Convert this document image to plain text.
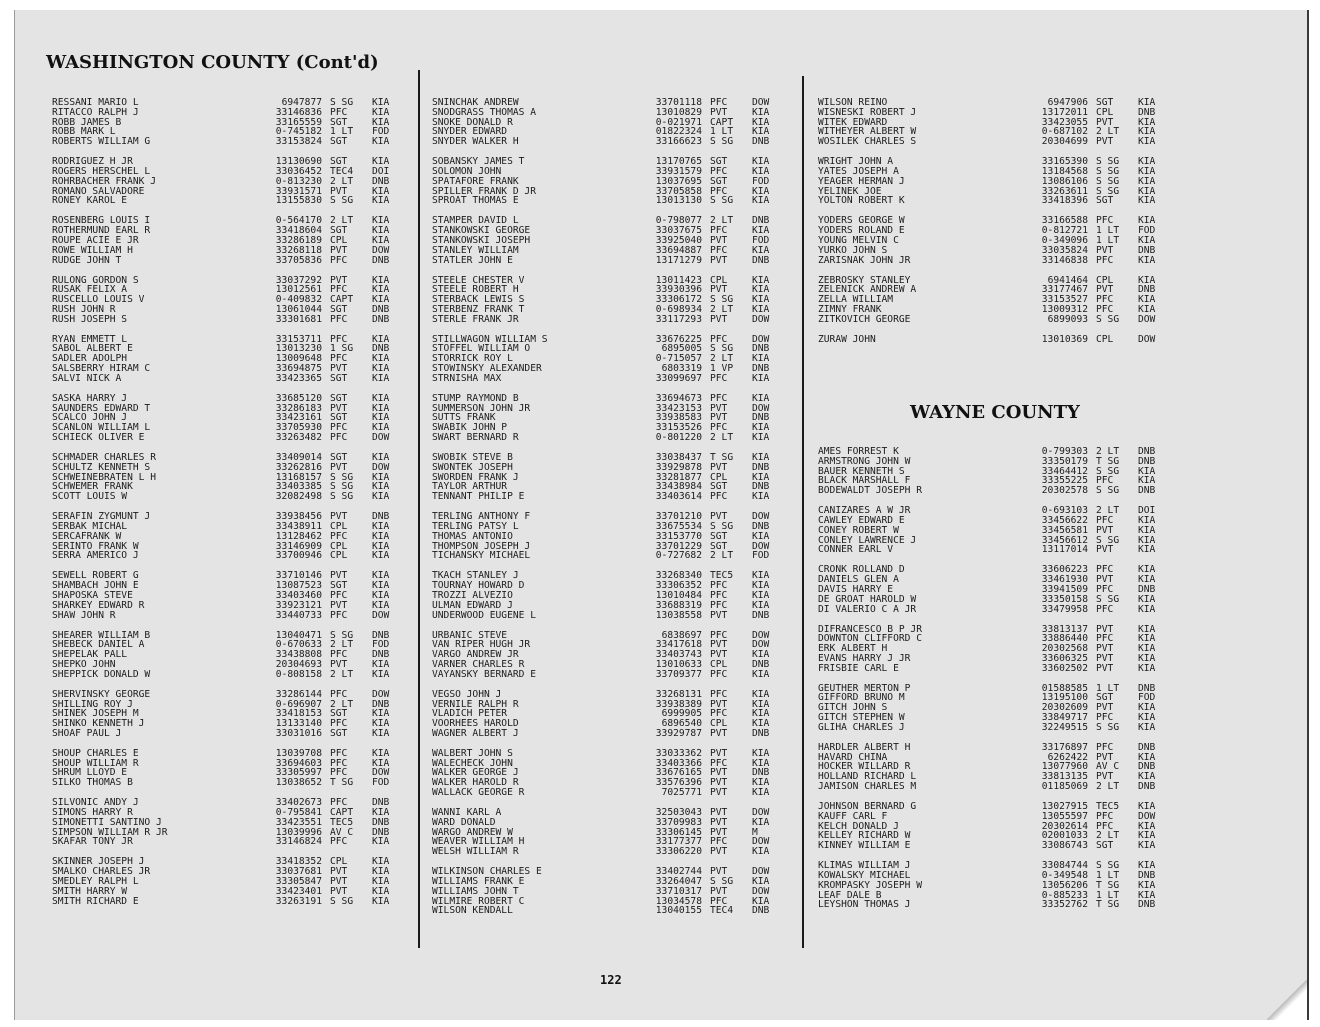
WASHINGTON COUNTY (Cont'd)
WAYNE COUNTY
RESSANI MARIO L	6947877 S SG	KIA
RITACCO RALPH J	33146836 PFC	KIA
ROBB JAMES B	33165559 SGT	KIA
ROBB MARK L	0-745182 1 LT	FOD
ROBERTS WILLIAM G	33153824 SGT	KIA
RODRIGUEZ H JR	13130690 SGT	KIA
ROGERS HERSCHEL L	33036452 TEC4	DOI
ROHRBACHER FRANK J	0-813230 2 LT	DNB
ROMANO SALVADORE	33931571 PVT	KIA
RONEY KAROL E	13155830 S SG	KIA
ROSENBERG LOUIS I	0-564170 2 LT	KIA
ROTHERMUND EARL R	33418604 SGT	KIA
ROUPE ACIE E JR	33286189 CPL	KIA
ROWE WILLIAM H	33268118 PVT	DOW
RUDGE JOHN T	33705836 PFC	DNB
RULONG GORDON S	33037292 PVT	KIA
RUSAK FELIX A	13012561 PFC	KIA
RUSCELLO LOUIS V	0-409832 CAPT	KIA
RUSH JOHN R	13061044 SGT	DNB
RUSH JOSEPH S	33301681 PFC	DNB
RYAN EMMETT L	33153711 PFC	KIA
SABOL ALBERT E	13013230 1 SG	DNB
SADLER ADOLPH	13009648 PFC	KIA
SALSBERRY HIRAM C	33694875 PVT	KIA
SALVI NICK A	33423365 SGT	KIA
SASKA HARRY J	33685120 SGT	KIA
SAUNDERS EDWARD T	33286183 PVT	KIA
SCALCO JOHN J	33423161 SGT	KIA
SCANLON WILLIAM L	33705930 PFC	KIA
SCHIECK OLIVER E	33263482 PFC	DOW
SCHMADER CHARLES R	33409014 SGT	KIA
SCHULTZ KENNETH S	33262816 PVT	DOW
SCHWEINEBRATEN L H	13168157 S SG	KIA
SCHWEMER FRANK	33403385 S SG	KIA
SCOTT LOUIS W	32082498 S SG	KIA
SERAFIN ZYGMUNT J	33938456 PVT	DNB
SERBAK MICHAL	33438911 CPL	KIA
SERCAFRANK W	13128462 PFC	KIA
SERINTO FRANK W	33146909 CPL	KIA
SERRA AMERICO J	33700946 CPL	KIA
SEWELL ROBERT G	33710146 PVT	KIA
SHAMBACH JOHN E	13087523 SGT	KIA
SHAPOSKA STEVE	33403460 PFC	KIA
SHARKEY EDWARD R	33923121 PVT	KIA
SHAW JOHN R	33440733 PFC	DOW
SHEARER WILLIAM B	13040471 S SG	DNB
SHEBECK DANIEL A	0-670633 2 LT	FOD
SHEPELAK PALL	33438808 PFC	DNB
SHEPKO JOHN	20304693 PVT	KIA
SHEPPICK DONALD W	0-808158 2 LT	KIA
SHERVINSKY GEORGE	33286144 PFC	DOW
SHILLING ROY J	0-696907 2 LT	DNB
SHINEK JOSEPH M	33418153 SGT	KIA
SHINKO KENNETH J	13133140 PFC	KIA
SHOAF PAUL J	33031016 SGT	KIA
SHOUP CHARLES E	13039708 PFC	KIA
SHOUP WILLIAM R	33694603 PFC	KIA
SHRUM LLOYD E	33305997 PFC	DOW
SILKO THOMAS B	13038652 T SG	FOD
SILVONIC ANDY J	33402673 PFC	DNB
SIMONS HARRY R	0-795841 CAPT	KIA
SIMONETTI SANTINO J	33423551 TEC5	DNB
SIMPSON WILLIAM R JR	13039996 AV C	DNB
SKAFAR TONY JR	33146824 PFC	KIA
SKINNER JOSEPH J	33418352 CPL	KIA
SMALKO CHARLES JR	33037681 PVT	KIA
SMEDLEY RALPH L	33305847 PVT	KIA
SMITH HARRY W	33423401 PVT	KIA
SMITH RICHARD E	33263191 S SG	KIA
SNINCHAK ANDREW	33701118 PFC	DOW
SNODGRASS THOMAS A	13010829 PVT	KIA
SNOKE DONALD R	0-021971 CAPT	KIA
SNYDER EDWARD	01822324 1 LT	KIA
SNYDER WALKER H	33166623 S SG	DNB
SOBANSKY JAMES T	13170765 SGT	KIA
SOLOMON JOHN	33931579 PFC	KIA
SPATAFORE FRANK	13037695 SGT	FOD
SPILLER FRANK D JR	33705858 PFC	KIA
SPROAT THOMAS E	13013130 S SG	KIA
STAMPER DAVID L	0-798077 2 LT	DNB
STANKOWSKI GEORGE	33037675 PFC	KIA
STANKOWSKI JOSEPH	33925040 PVT	FOD
STANLEY WILLIAM	33694887 PFC	KIA
STATLER JOHN E	13171279 PVT	DNB
STEELE CHESTER V	13011423 CPL	KIA
STEELE ROBERT H	33930396 PVT	KIA
STERBACK LEWIS S	33306172 S SG	KIA
STERBENZ FRANK T	0-698934 2 LT	KIA
STERLE FRANK JR	33117293 PVT	DOW
STILLWAGON WILLIAM S	33676225 PFC	DOW
STOFFEL WILLIAM O	6895005 S SG	DNB
STORRICK ROY L	0-715057 2 LT	KIA
STOWINSKY ALEXANDER	6803319 1 VP	DNB
STRNISHA MAX	33099697 PFC	KIA
STUMP RAYMOND B	33694673 PFC	KIA
SUMMERSON JOHN JR	33423153 PVT	DOW
SUTTS FRANK	33938583 PVT	DNB
SWABIK JOHN P	33153526 PFC	KIA
SWART BERNARD R	0-801220 2 LT	KIA
SWOBIK STEVE B	33038437 T SG	KIA
SWONTEK JOSEPH	33929878 PVT	DNB
SWORDEN FRANK J	33281877 CPL	KIA
TAYLOR ARTHUR	33438984 SGT	DNB
TENNANT PHILIP E	33403614 PFC	KIA
TERLING ANTHONY F	33701210 PVT	DOW
TERLING PATSY L	33675534 S SG	DNB
THOMAS ANTONIO	33153770 SGT	KIA
THOMPSON JOSEPH J	33701229 SGT	DOW
TICHANSKY MICHAEL	0-727682 2 LT	FOD
TKACH STANLEY J	33268340 TEC5	KIA
TOURNAY HOWARD D	33306352 PFC	KIA
TROZZI ALVEZIO	13010484 PFC	KIA
ULMAN EDWARD J	33688319 PFC	KIA
UNDERWOOD EUGENE L	13038558 PVT	DNB
URBANIC STEVE	6838697 PFC	DOW
VAN RIPER HUGH JR	33417618 PVT	DOW
VARGO ANDREW JR	33403743 PVT	KIA
VARNER CHARLES R	13010633 CPL	DNB
VAYANSKY BERNARD E	33709377 PFC	KIA
VEGSO JOHN J	33268131 PFC	KIA
VERNILE RALPH R	33938389 PVT	KIA
VLADICH PETER	6999905 PFC	KIA
VOORHEES HAROLD	6896540 CPL	KIA
WAGNER ALBERT J	33929787 PVT	DNB
WALBERT JOHN S	33033362 PVT	KIA
WALECHECK JOHN	33403366 PFC	KIA
WALKER GEORGE J	33676165 PVT	DNB
WALKER HAROLD R	33576396 PVT	KIA
WALLACK GEORGE R	7025771 PVT	KIA
WANNI KARL A	32503043 PVT	DOW
WARD DONALD	33709983 PVT	KIA
WARGO ANDREW W	33306145 PVT	M
WEAVER WILLIAM H	33177377 PFC	DOW
WELSH WILLIAM R	33306220 PVT	KIA
WILKINSON CHARLES E	33402744 PVT	DOW
WILLIAMS FRANK E	33264047 S SG	KIA
WILLIAMS JOHN T	33710317 PVT	DOW
WILMIRE ROBERT C	13034578 PFC	KIA
WILSON KENDALL	13040155 TEC4	DNB
WILSON REINO	6947906 SGT	KIA
WISNESKI ROBERT J	13172011 CPL	DNB
WITEK EDWARD	33423055 PVT	KIA
WITHEYER ALBERT W	0-687102 2 LT	KIA
WOSILEK CHARLES S	20304699 PVT	KIA
WRIGHT JOHN A	33165390 S SG	KIA
YATES JOSEPH A	13184568 S SG	KIA
YEAGER HERMAN J	13086106 S SG	KIA
YELINEK JOE	33263611 S SG	KIA
YOLTON ROBERT K	33418396 SGT	KIA
YODERS GEORGE W	33166588 PFC	KIA
YODERS ROLAND E	0-812721 1 LT	FOD
YOUNG MELVIN C	0-349096 1 LT	KIA
YURKO JOHN S	33035824 PVT	DNB
ZARISNAK JOHN JR	33146838 PFC	KIA
ZEBROSKY STANLEY	6941464 CPL	KIA
ZELENICK ANDREW A	33177467 PVT	DNB
ZELLA WILLIAM	33153527 PFC	KIA
ZIMNY FRANK	13009312 PFC	KIA
ZITKOVICH GEORGE	6899093 S SG	DOW
ZURAW JOHN	13010369 CPL	DOW
AMES FORREST K	0-799303 2 LT	DNB
ARMSTRONG JOHN W	33350179 T SG	DNB
BAUER KENNETH S	33464412 S SG	KIA
BLACK MARSHALL F	33355225 PFC	KIA
BODEWALDT JOSEPH R	20302578 S SG	DNB
CANIZARES A W JR	0-693103 2 LT	DOI
CAWLEY EDWARD E	33456622 PFC	KIA
CONEY ROBERT W	33456581 PVT	KIA
CONLEY LAWRENCE J	33456612 S SG	KIA
CONNER EARL V	13117014 PVT	KIA
CRONK ROLLAND D	33606223 PFC	KIA
DANIELS GLEN A	33461930 PVT	KIA
DAVIS HARRY E	33941509 PFC	DNB
DE GROAT HAROLD W	33350158 S SG	KIA
DI VALERIO C A JR	33479958 PFC	KIA
DIFRANCESCO B P JR	33813137 PVT	KIA
DOWNTON CLIFFORD C	33886440 PFC	KIA
ERK ALBERT H	20302568 PVT	KIA
EVANS HARRY J JR	33606325 PVT	KIA
FRISBIE CARL E	33602502 PVT	KIA
GEUTHER MERTON P	01588585 1 LT	DNB
GIFFORD BRUNO M	13195100 SGT	FOD
GITCH JOHN S	20302609 PVT	KIA
GITCH STEPHEN W	33849717 PFC	KIA
GLIHA CHARLES J	32249515 S SG	KIA
HARDLER ALBERT H	33176897 PFC	DNB
HAVARD CHINA	6262422 PVT	KIA
HOCKER WILLARD R	13077960 AV C	DNB
HOLLAND RICHARD L	33813135 PVT	KIA
JAMISON CHARLES M	01185069 2 LT	DNB
JOHNSON BERNARD G	13027915 TEC5	KIA
KAUFF CARL F	13055597 PFC	DOW
KELCH DONALD J	20302614 PFC	KIA
KELLEY RICHARD W	02001033 2 LT	KIA
KINNEY WILLIAM E	33086743 SGT	KIA
KLIMAS WILLIAM J	33084744 S SG	KIA
KOWALSKY MICHAEL	0-349548 1 LT	DNB
KROMPASKY JOSEPH W	13056206 T SG	KIA
LEAF DALE B	0-885233 1 LT	KIA
LEYSHON THOMAS J	33352762 T SG	DNB
122
